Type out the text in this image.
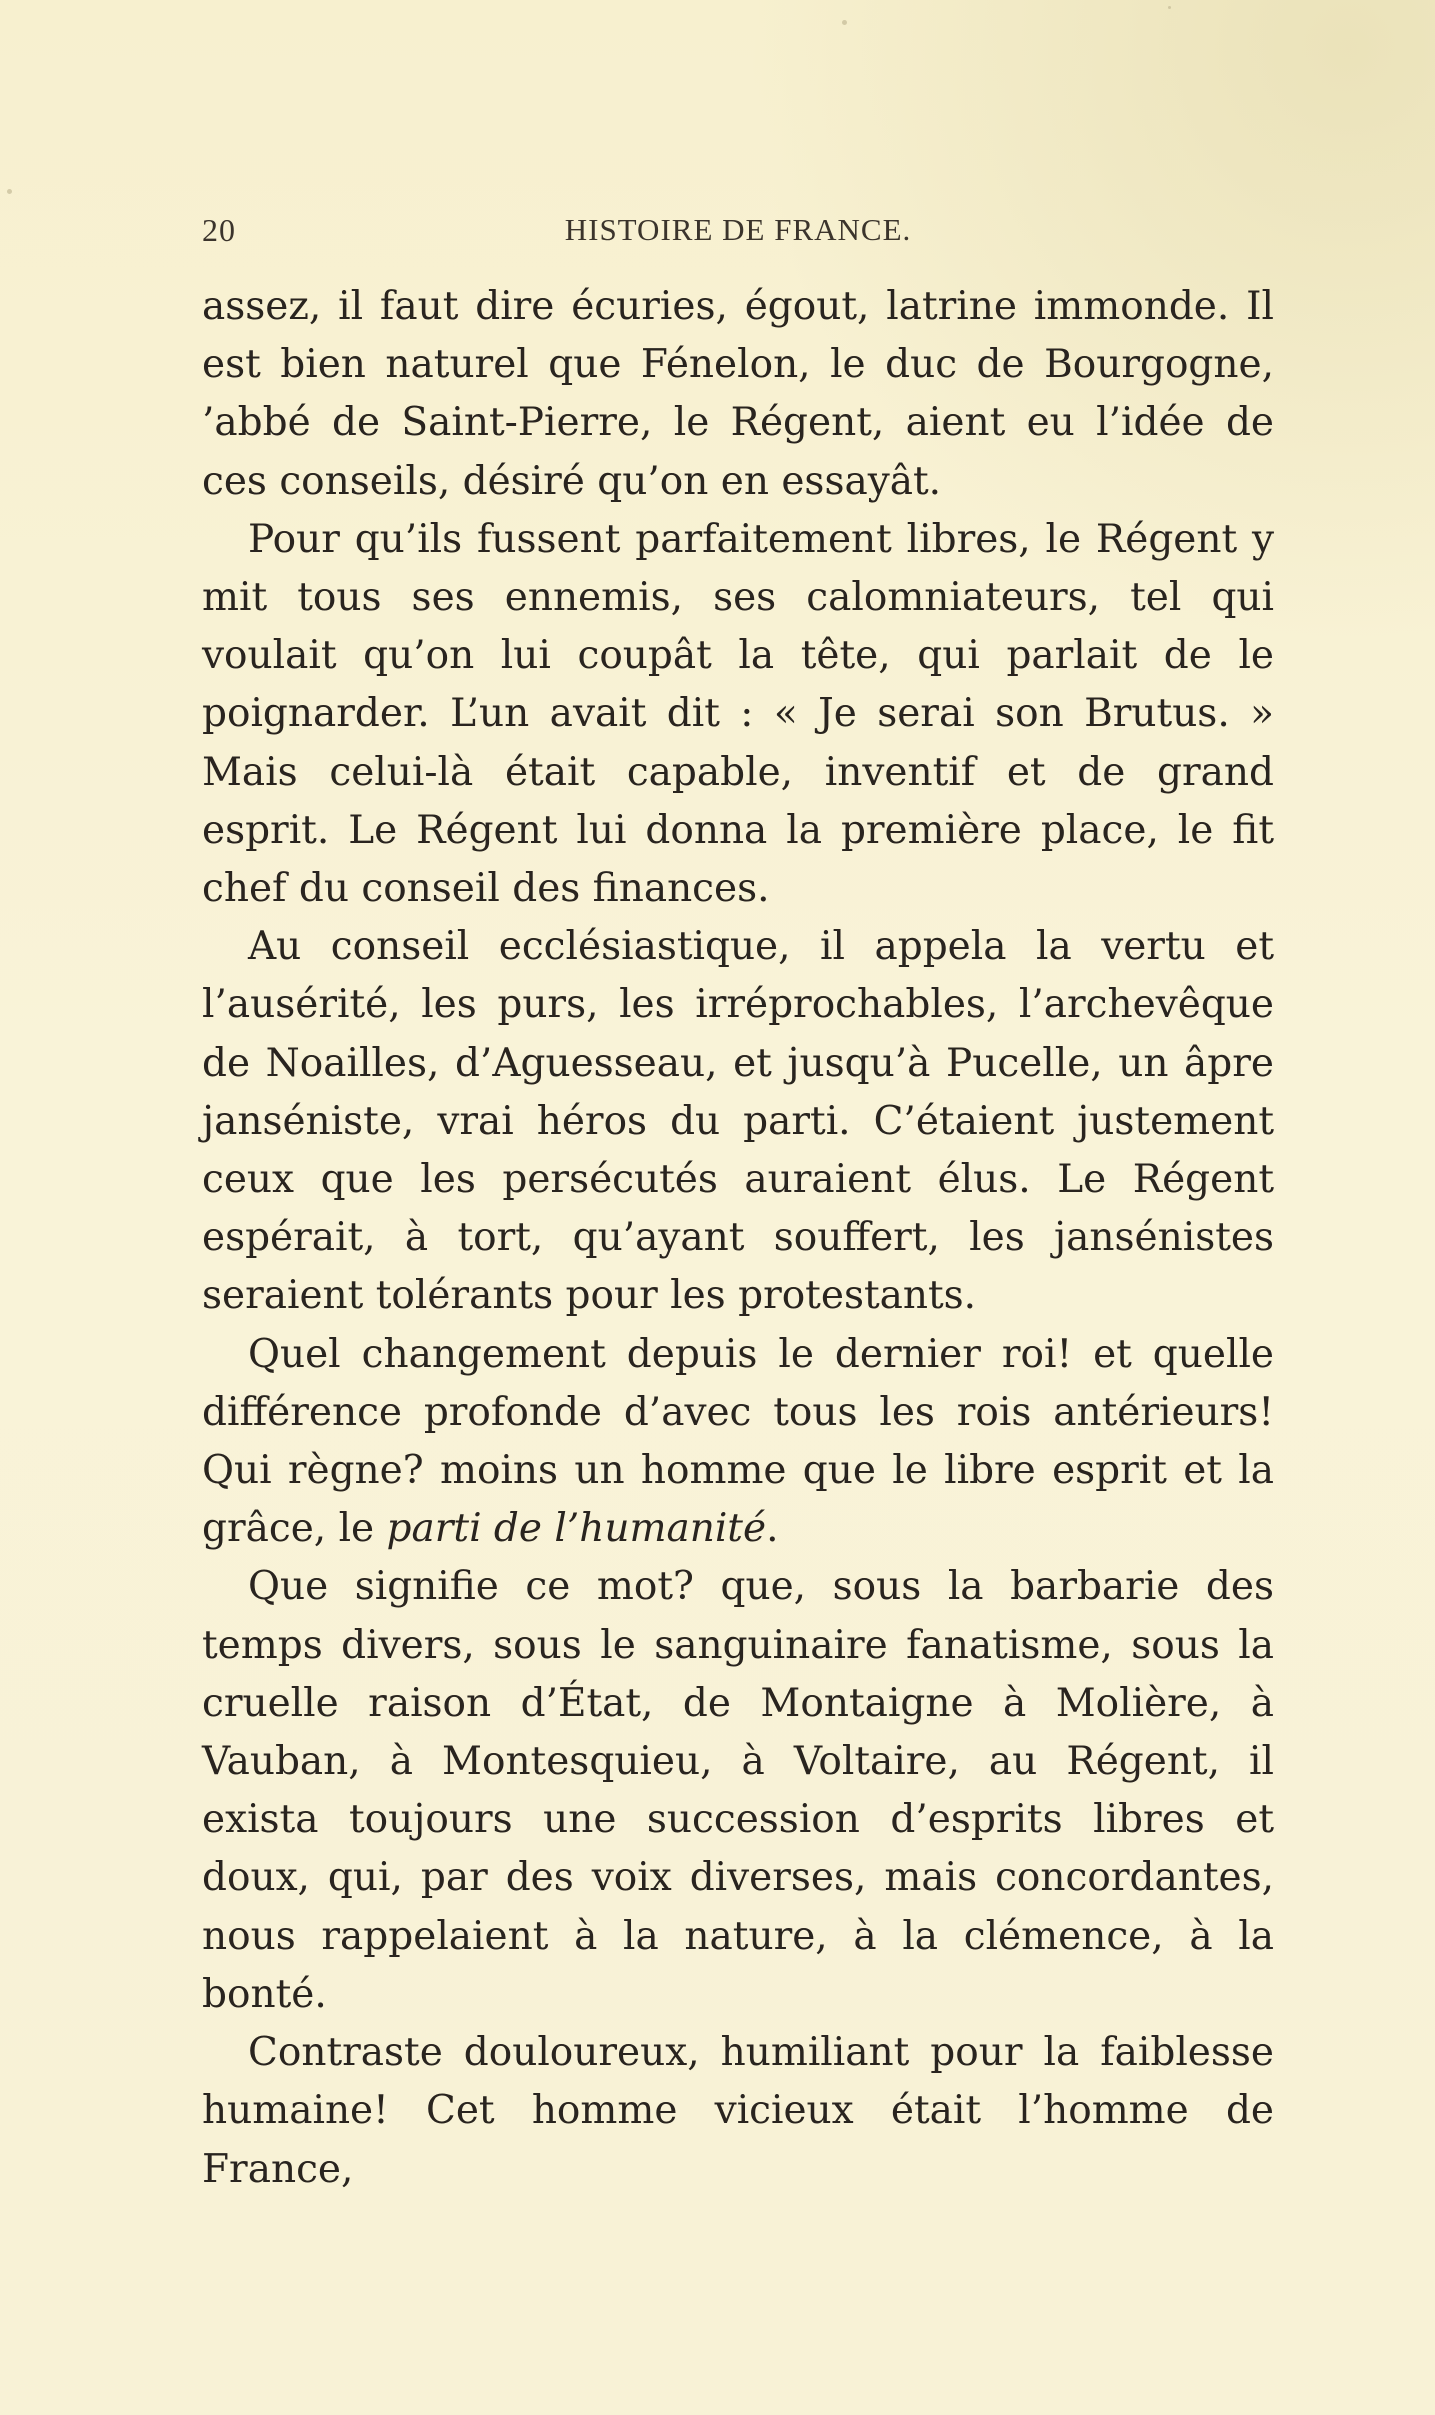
20	HISTOIRE DE FRANCE.

assez, il faut dire écuries, égout, latrine immonde. Il est bien naturel que Fénelon, le duc de Bourgogne, ’abbé de Saint-Pierre, le Régent, aient eu l’idée de ces conseils, désiré qu’on en essayât.

Pour qu’ils fussent parfaitement libres, le Régent y mit tous ses ennemis, ses calomniateurs, tel qui voulait qu’on lui coupât la tête, qui parlait de le poignarder. L’un avait dit : « Je serai son Brutus. » Mais celui-là était capable, inventif et de grand esprit. Le Régent lui donna la première place, le fit chef du conseil des finances.

Au conseil ecclésiastique, il appela la vertu et l’ausérité, les purs, les irréprochables, l’archevêque de Noailles, d’Aguesseau, et jusqu’à Pucelle, un âpre janséniste, vrai héros du parti. C’étaient justement ceux que les persécutés auraient élus. Le Régent espérait, à tort, qu’ayant souffert, les jansénistes seraient tolérants pour les protestants.

Quel changement depuis le dernier roi! et quelle différence profonde d’avec tous les rois antérieurs! Qui règne? moins un homme que le libre esprit et la grâce, le parti de l’humanité.

Que signifie ce mot? que, sous la barbarie des temps divers, sous le sanguinaire fanatisme, sous la cruelle raison d’État, de Montaigne à Molière, à Vauban, à Montesquieu, à Voltaire, au Régent, il exista toujours une succession d’esprits libres et doux, qui, par des voix diverses, mais concordantes, nous rappelaient à la nature, à la clémence, à la bonté.

Contraste douloureux, humiliant pour la faiblesse humaine! Cet homme vicieux était l’homme de France,
